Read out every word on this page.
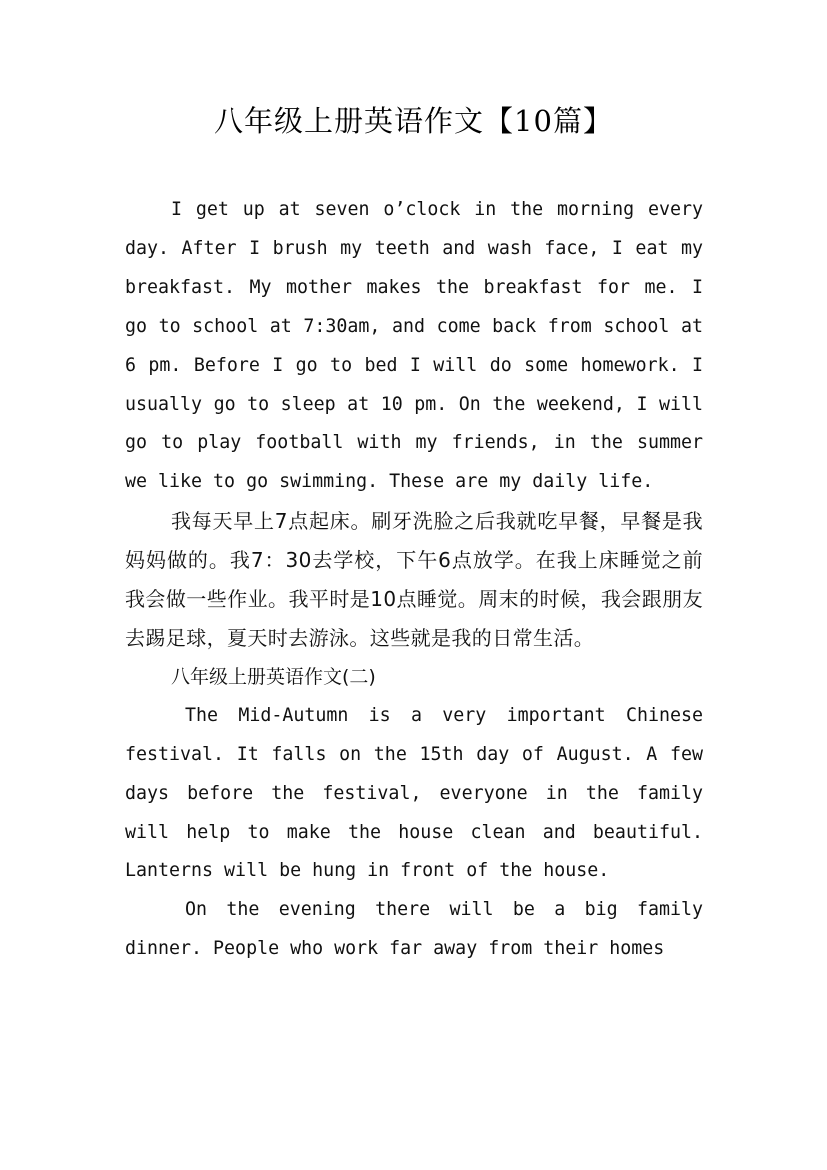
八年级上册英语作文【10篇】

I get up at seven o’clock in the morning every day. After I brush my teeth and wash face, I eat my breakfast. My mother makes the breakfast for me. I go to school at 7:30am, and come back from school at 6 pm. Before I go to bed I will do some homework. I usually go to sleep at 10 pm. On the weekend, I will go to play football with my friends, in the summer we like to go swimming. These are my daily life.

我每天早上7点起床。刷牙洗脸之后我就吃早餐，早餐是我妈妈做的。我7：30去学校，下午6点放学。在我上床睡觉之前我会做一些作业。我平时是10点睡觉。周末的时候，我会跟朋友去踢足球，夏天时去游泳。这些就是我的日常生活。

八年级上册英语作文(二)

The Mid-Autumn is a very important Chinese festival. It falls on the 15th day of August. A few days before the festival, everyone in the family will help to make the house clean and beautiful. Lanterns will be hung in front of the house.

On the evening there will be a big family dinner. People who work far away from their homes
